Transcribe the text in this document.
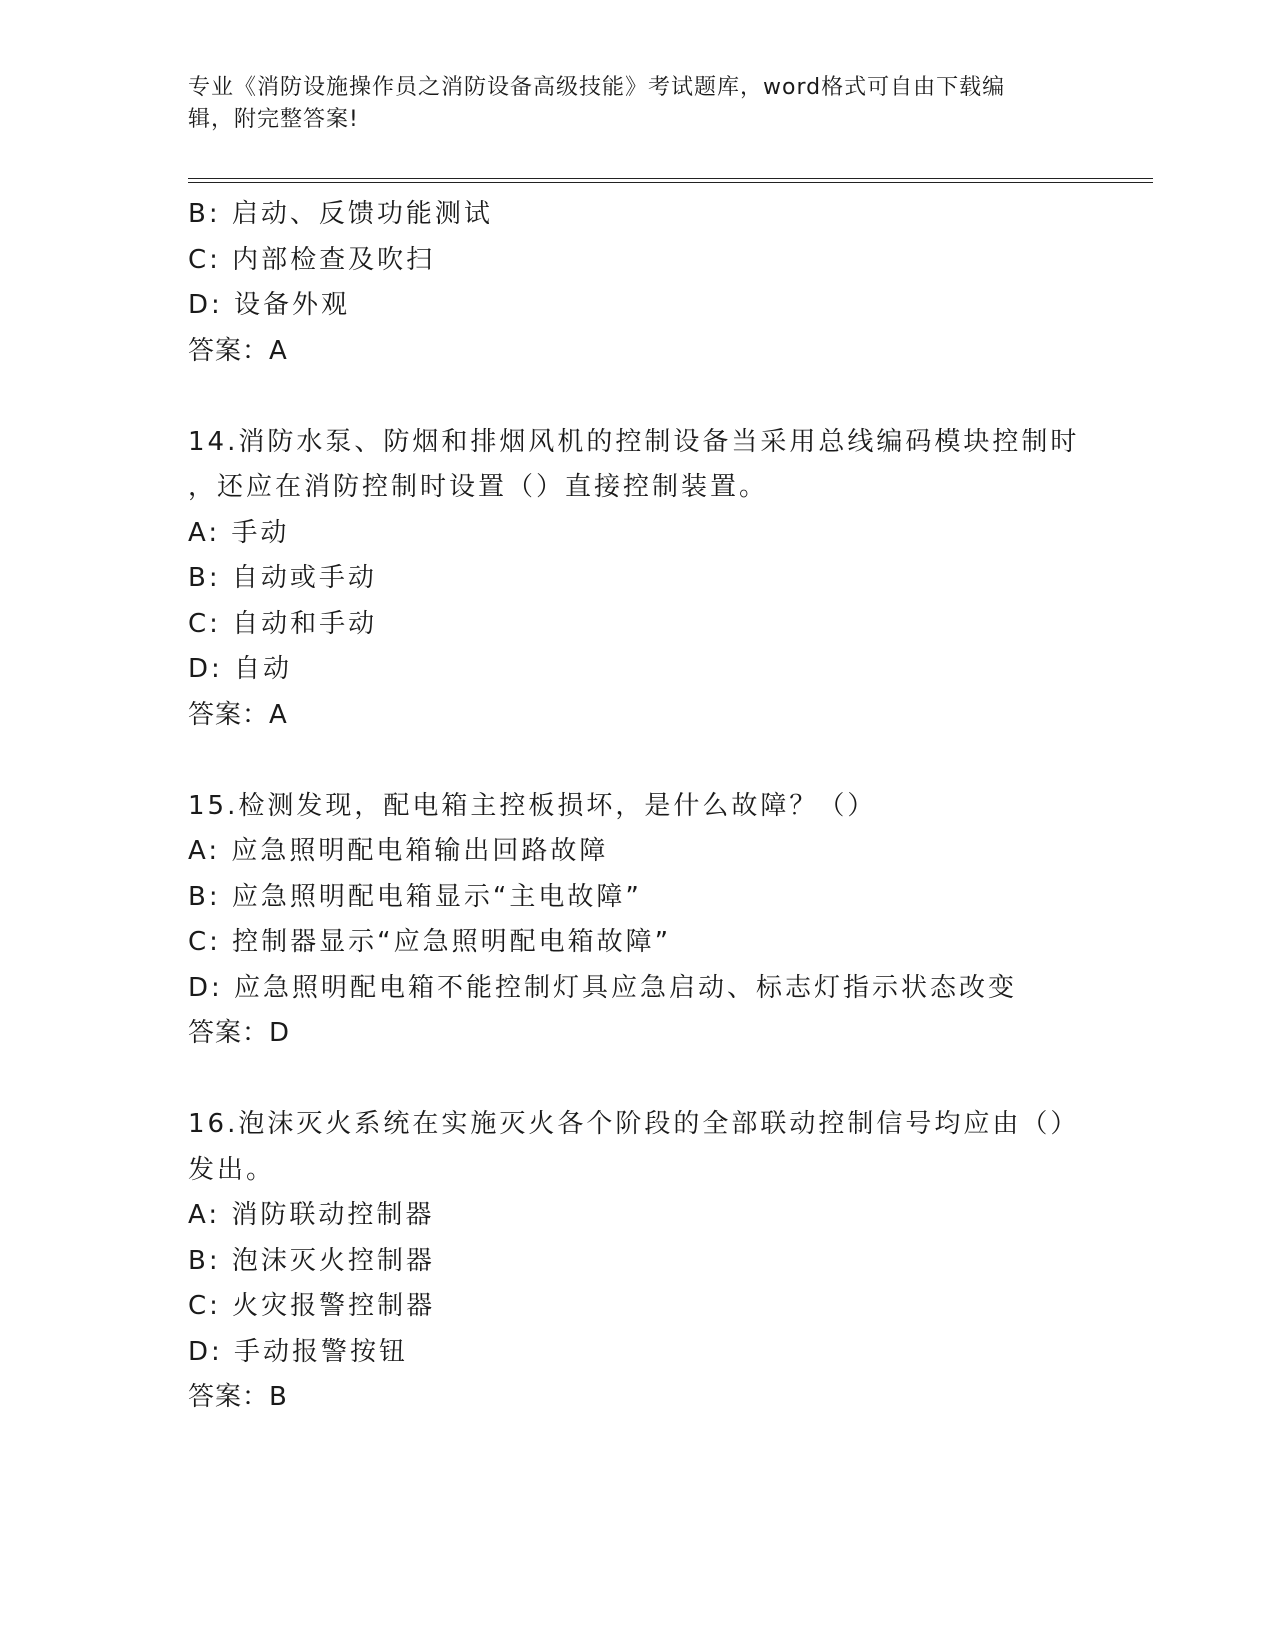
专业《消防设施操作员之消防设备高级技能》考试题库，word格式可自由下载编
辑，附完整答案!
B: 启动、反馈功能测试
C: 内部检查及吹扫
D: 设备外观
答案：A
14.消防水泵、防烟和排烟风机的控制设备当采用总线编码模块控制时
，还应在消防控制时设置（）直接控制装置。
A: 手动
B: 自动或手动
C: 自动和手动
D: 自动
答案：A
15.检测发现，配电箱主控板损坏，是什么故障？（）
A: 应急照明配电箱输出回路故障
B: 应急照明配电箱显示“主电故障”
C: 控制器显示“应急照明配电箱故障”
D: 应急照明配电箱不能控制灯具应急启动、标志灯指示状态改变
答案：D
16.泡沫灭火系统在实施灭火各个阶段的全部联动控制信号均应由（）
发出。
A: 消防联动控制器
B: 泡沫灭火控制器
C: 火灾报警控制器
D: 手动报警按钮
答案：B
